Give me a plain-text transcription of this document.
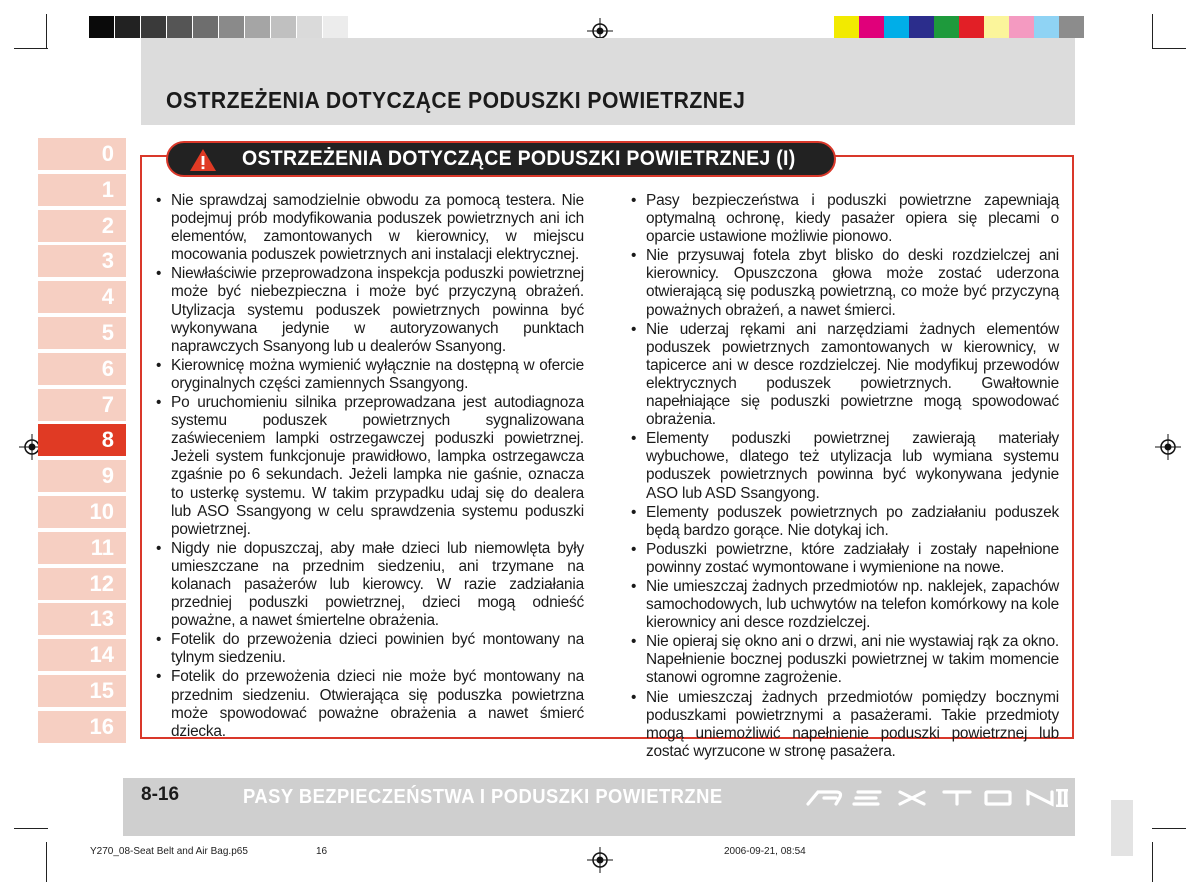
OSTRZEŻENIA DOTYCZĄCE PODUSZKI POWIETRZNEJ
0
1
2
3
4
5
6
7
8
9
10
11
12
13
14
15
16
OSTRZEŻENIA DOTYCZĄCE PODUSZKI POWIETRZNEJ (I)
• Nie sprawdzaj samodzielnie obwodu za pomocą testera. Nie podejmuj prób modyfikowania poduszek powietrznych ani ich elementów, zamontowanych w kierownicy, w miejscu mocowania poduszek powietrznych ani instalacji elektrycznej.
• Niewłaściwie przeprowadzona inspekcja poduszki powietrznej może być niebezpieczna i może być przyczyną obrażeń. Utylizacja systemu poduszek powietrznych powinna być wykonywana jedynie w autoryzowanych punktach naprawczych Ssanyong lub u dealerów Ssanyong.
• Kierownicę można wymienić wyłącznie na dostępną w ofercie oryginalnych części zamiennych Ssangyong.
• Po uruchomieniu silnika przeprowadzana jest autodiagnoza systemu poduszek powietrznych sygnalizowana zaświeceniem lampki ostrzegawczej poduszki powietrznej. Jeżeli system funkcjonuje prawidłowo, lampka ostrzegawcza zgaśnie po 6 sekundach. Jeżeli lampka nie gaśnie, oznacza to usterkę systemu. W takim przypadku udaj się do dealera lub ASO Ssangyong w celu sprawdzenia systemu poduszki powietrznej.
• Nigdy nie dopuszczaj, aby małe dzieci lub niemowlęta były umieszczane na przednim siedzeniu, ani trzymane na kolanach pasażerów lub kierowcy. W razie zadziałania przedniej poduszki powietrznej, dzieci mogą odnieść poważne, a nawet śmiertelne obrażenia.
• Fotelik do przewożenia dzieci powinien być montowany na tylnym siedzeniu.
• Fotelik do przewożenia dzieci nie może być montowany na przednim siedzeniu. Otwierająca się poduszka powietrzna może spowodować poważne obrażenia a nawet śmierć dziecka.
• Pasy bezpieczeństwa i poduszki powietrzne zapewniają optymalną ochronę, kiedy pasażer opiera się plecami o oparcie ustawione możliwie pionowo.
• Nie przysuwaj fotela zbyt blisko do deski rozdzielczej ani kierownicy. Opuszczona głowa może zostać uderzona otwierającą się poduszką powietrzną, co może być przyczyną poważnych obrażeń, a nawet śmierci.
• Nie uderzaj rękami ani narzędziami żadnych elementów poduszek powietrznych zamontowanych w kierownicy, w tapicerce ani w desce rozdzielczej. Nie modyfikuj przewodów elektrycznych poduszek powietrznych. Gwałtownie napełniające się poduszki powietrzne mogą spowodować obrażenia.
• Elementy poduszki powietrznej zawierają materiały wybuchowe, dlatego też utylizacja lub wymiana systemu poduszek powietrznych powinna być wykonywana jedynie ASO lub ASD Ssangyong.
• Elementy poduszek powietrznych po zadziałaniu poduszek będą bardzo gorące. Nie dotykaj ich.
• Poduszki powietrzne, które zadziałały i zostały napełnione powinny zostać wymontowane i wymienione na nowe.
• Nie umieszczaj żadnych przedmiotów np. naklejek, zapachów samochodowych, lub uchwytów na telefon komórkowy na kole kierownicy ani desce rozdzielczej.
• Nie opieraj się okno ani o drzwi, ani nie wystawiaj rąk za okno. Napełnienie bocznej poduszki powietrznej w takim momencie stanowi ogromne zagrożenie.
• Nie umieszczaj żadnych przedmiotów pomiędzy bocznymi poduszkami powietrznymi a pasażerami. Takie przedmioty mogą uniemożliwić napełnienie poduszki powietrznej lub zostać wyrzucone w stronę pasażera.
8-16	PASY BEZPIECZEŃSTWA I PODUSZKI POWIETRZNE
Y270_08-Seat Belt and Air Bag.p65	16	2006-09-21, 08:54
